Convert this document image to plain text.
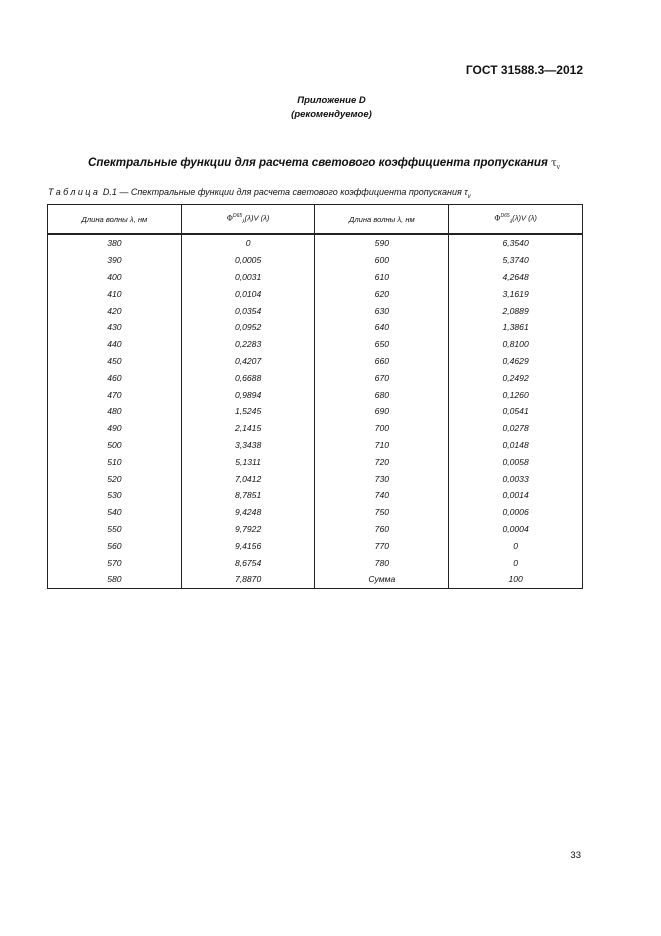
ГОСТ 31588.3—2012
Приложение D
(рекомендуемое)
Спектральные функции для расчета светового коэффициента пропускания $\tau_v$
Таблица D.1 — Спектральные функции для расчета светового коэффициента пропускания $\tau_v$
Длина волны λ, нм	$\Phi^{D65}_\lambda(\lambda)V$ (λ)	Длина волны λ, нм	$\Phi^{D65}_\lambda(\lambda)V$ (λ)
380	0	590	6,3540
390	0,0005	600	5,3740
400	0,0031	610	4,2648
410	0,0104	620	3,1619
420	0,0354	630	2,0889
430	0,0952	640	1,3861
440	0,2283	650	0,8100
450	0,4207	660	0,4629
460	0,6688	670	0,2492
470	0,9894	680	0,1260
480	1,5245	690	0,0541
490	2,1415	700	0,0278
500	3,3438	710	0,0148
510	5,1311	720	0,0058
520	7,0412	730	0,0033
530	8,7851	740	0,0014
540	9,4248	750	0,0006
550	9,7922	760	0,0004
560	9,4156	770	0
570	8,6754	780	0
580	7,8870	Сумма	100
33
